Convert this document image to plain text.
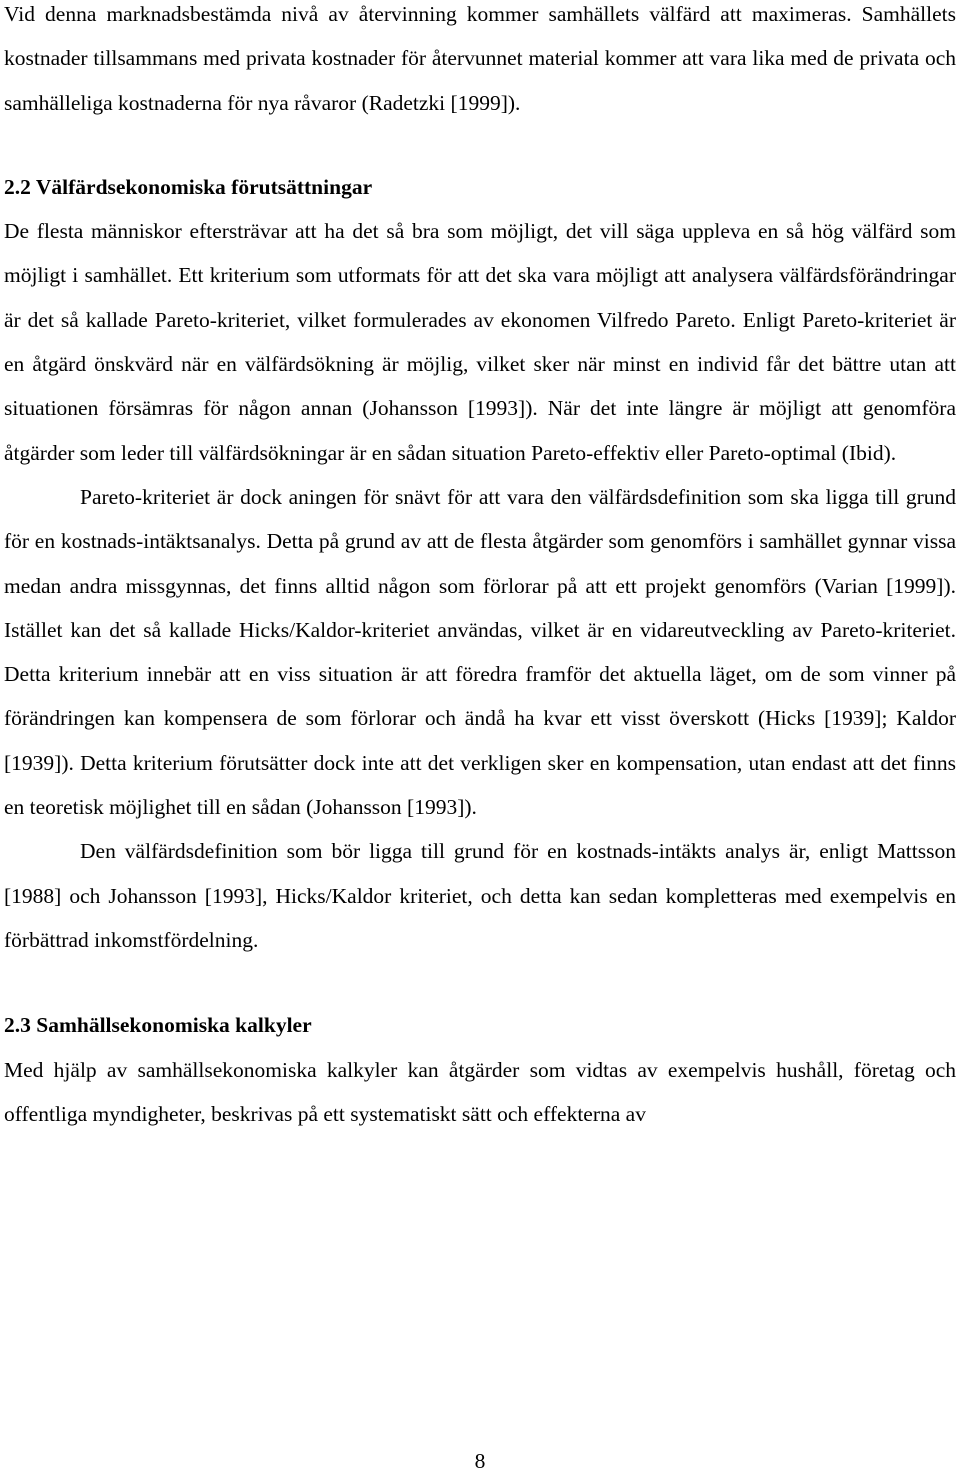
Vid denna marknadsbestämda nivå av återvinning kommer samhällets välfärd att maximeras. Samhällets kostnader tillsammans med privata kostnader för återvunnet material kommer att vara lika med de privata och samhälleliga kostnaderna för nya råvaror (Radetzki [1999]).

2.2 Välfärdsekonomiska förutsättningar

De flesta människor eftersträvar att ha det så bra som möjligt, det vill säga uppleva en så hög välfärd som möjligt i samhället. Ett kriterium som utformats för att det ska vara möjligt att analysera välfärdsförändringar är det så kallade Pareto-kriteriet, vilket formulerades av ekonomen Vilfredo Pareto. Enligt Pareto-kriteriet är en åtgärd önskvärd när en välfärdsökning är möjlig, vilket sker när minst en individ får det bättre utan att situationen försämras för någon annan (Johansson [1993]). När det inte längre är möjligt att genomföra åtgärder som leder till välfärdsökningar är en sådan situation Pareto-effektiv eller Pareto-optimal (Ibid).

Pareto-kriteriet är dock aningen för snävt för att vara den välfärdsdefinition som ska ligga till grund för en kostnads-intäktsanalys. Detta på grund av att de flesta åtgärder som genomförs i samhället gynnar vissa medan andra missgynnas, det finns alltid någon som förlorar på att ett projekt genomförs (Varian [1999]). Istället kan det så kallade Hicks/Kaldor-kriteriet användas, vilket är en vidareutveckling av Pareto-kriteriet. Detta kriterium innebär att en viss situation är att föredra framför det aktuella läget, om de som vinner på förändringen kan kompensera de som förlorar och ändå ha kvar ett visst överskott (Hicks [1939]; Kaldor [1939]). Detta kriterium förutsätter dock inte att det verkligen sker en kompensation, utan endast att det finns en teoretisk möjlighet till en sådan (Johansson [1993]).

Den välfärdsdefinition som bör ligga till grund för en kostnads-intäkts analys är, enligt Mattsson [1988] och Johansson [1993], Hicks/Kaldor kriteriet, och detta kan sedan kompletteras med exempelvis en förbättrad inkomstfördelning.

2.3 Samhällsekonomiska kalkyler

Med hjälp av samhällsekonomiska kalkyler kan åtgärder som vidtas av exempelvis hushåll, företag och offentliga myndigheter, beskrivas på ett systematiskt sätt och effekterna av

8
